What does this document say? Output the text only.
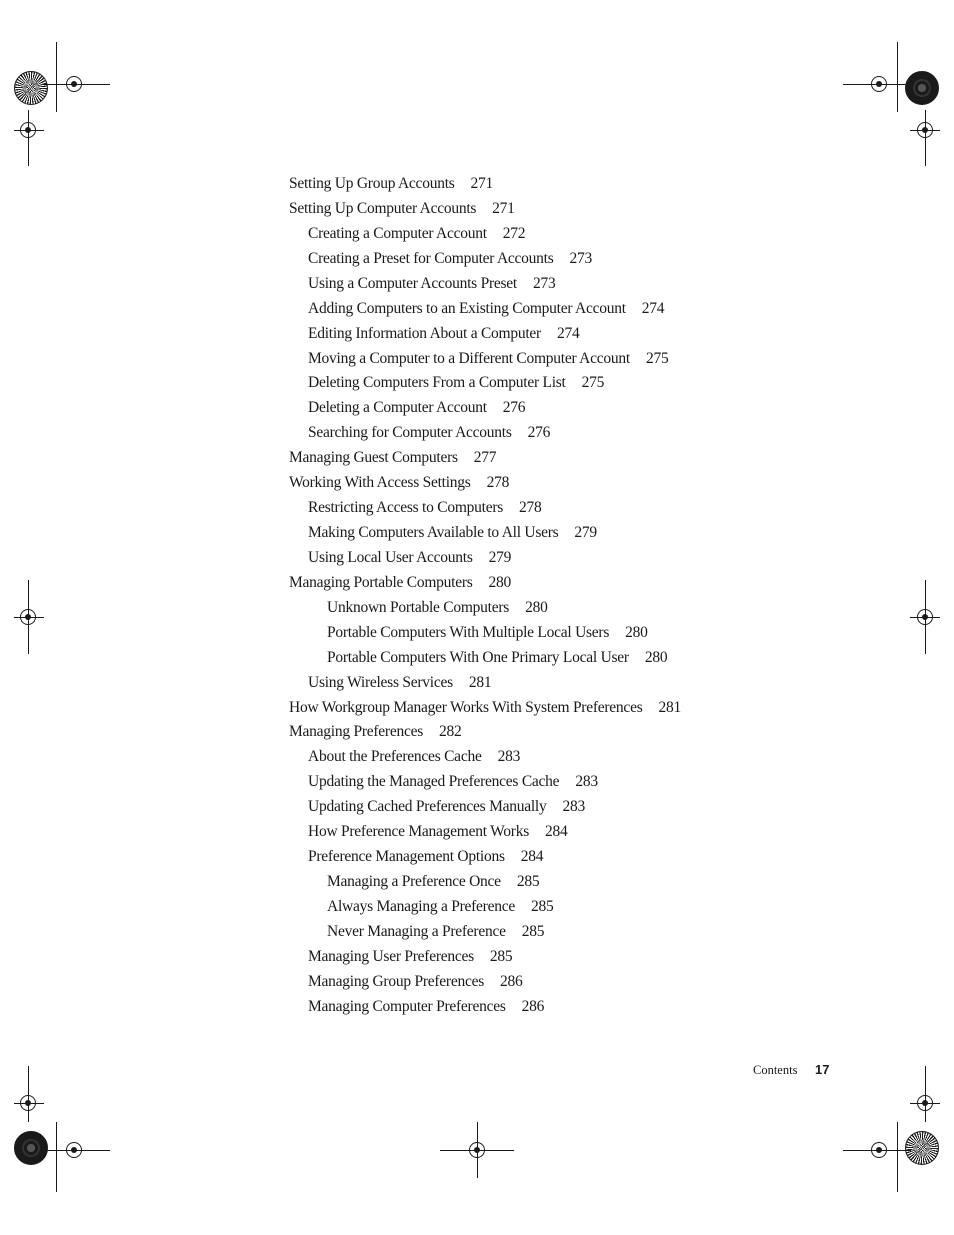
Setting Up Group Accounts 271
Setting Up Computer Accounts 271
Creating a Computer Account 272
Creating a Preset for Computer Accounts 273
Using a Computer Accounts Preset 273
Adding Computers to an Existing Computer Account 274
Editing Information About a Computer 274
Moving a Computer to a Different Computer Account 275
Deleting Computers From a Computer List 275
Deleting a Computer Account 276
Searching for Computer Accounts 276
Managing Guest Computers 277
Working With Access Settings 278
Restricting Access to Computers 278
Making Computers Available to All Users 279
Using Local User Accounts 279
Managing Portable Computers 280
Unknown Portable Computers 280
Portable Computers With Multiple Local Users 280
Portable Computers With One Primary Local User 280
Using Wireless Services 281
How Workgroup Manager Works With System Preferences 281
Managing Preferences 282
About the Preferences Cache 283
Updating the Managed Preferences Cache 283
Updating Cached Preferences Manually 283
How Preference Management Works 284
Preference Management Options 284
Managing a Preference Once 285
Always Managing a Preference 285
Never Managing a Preference 285
Managing User Preferences 285
Managing Group Preferences 286
Managing Computer Preferences 286
Contents 17
